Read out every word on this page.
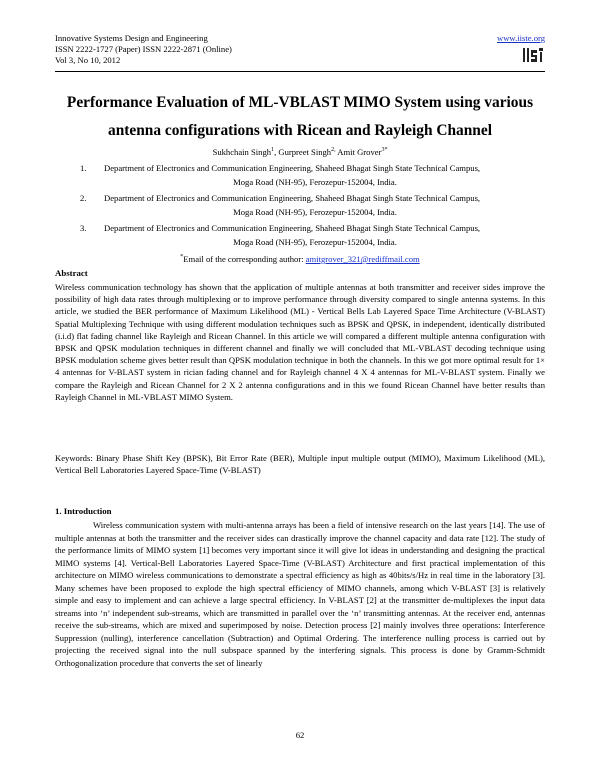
Innovative Systems Design and Engineering
ISSN 2222-1727 (Paper) ISSN 2222-2871 (Online)
Vol 3, No 10, 2012
www.iiste.org
Performance Evaluation of ML-VBLAST MIMO System using various
antenna configurations with Ricean and Rayleigh Channel
Sukhchain Singh$^1$, Gurpreet Singh$^{2,}$ Amit Grover$^{3*}$
1. Department of Electronics and Communication Engineering, Shaheed Bhagat Singh State Technical Campus,
Moga Road (NH-95), Ferozepur-152004, India.
2. Department of Electronics and Communication Engineering, Shaheed Bhagat Singh State Technical Campus,
Moga Road (NH-95), Ferozepur-152004, India.
3. Department of Electronics and Communication Engineering, Shaheed Bhagat Singh State Technical Campus,
Moga Road (NH-95), Ferozepur-152004, India.
*Email of the corresponding author: amitgrover_321@rediffmail.com
Abstract

Wireless communication technology has shown that the application of multiple antennas at both transmitter and receiver sides improve the possibility of high data rates through multiplexing or to improve performance through diversity compared to single antenna systems. In this article, we studied the BER performance of Maximum Likelihood (ML) - Vertical Bells Lab Layered Space Time Architecture (V-BLAST) Spatial Multiplexing Technique with using different modulation techniques such as BPSK and QPSK, in independent, identically distributed (i.i.d) flat fading channel like Rayleigh and Ricean Channel. In this article we will compared a different multiple antenna configuration with BPSK and QPSK modulation techniques in different channel and finally we will concluded that ML-VBLAST decoding technique using BPSK modulation scheme gives better result than QPSK modulation technique in both the channels. In this we got more optimal result for 1× 4 antennas for V-BLAST system in rician fading channel and for Rayleigh channel 4 X 4 antennas for ML-V-BLAST system. Finally we compare the Rayleigh and Ricean Channel for 2 X 2 antenna configurations and in this we found Ricean Channel have better results than Rayleigh Channel in ML-VBLAST MIMO System.

Keywords: Binary Phase Shift Key (BPSK), Bit Error Rate (BER), Multiple input multiple output (MIMO), Maximum Likelihood (ML), Vertical Bell Laboratories Layered Space-Time (V-BLAST)

1. Introduction

Wireless communication system with multi-antenna arrays has been a field of intensive research on the last years [14]. The use of multiple antennas at both the transmitter and the receiver sides can drastically improve the channel capacity and data rate [12]. The study of the performance limits of MIMO system [1] becomes very important since it will give lot ideas in understanding and designing the practical MIMO systems [4]. Vertical-Bell Laboratories Layered Space-Time (V-BLAST) Architecture and first practical implementation of this architecture on MIMO wireless communications to demonstrate a spectral efficiency as high as 40bits/s/Hz in real time in the laboratory [3]. Many schemes have been proposed to explode the high spectral efficiency of MIMO channels, among which V-BLAST [3] is relatively simple and easy to implement and can achieve a large spectral efficiency. In V-BLAST [2] at the transmitter de-multiplexes the input data streams into ‘n’ independent sub-streams, which are transmitted in parallel over the ‘n’ transmitting antennas. At the receiver end, antennas receive the sub-streams, which are mixed and superimposed by noise. Detection process [2] mainly involves three operations: Interference Suppression (nulling), interference cancellation (Subtraction) and Optimal Ordering. The interference nulling process is carried out by projecting the received signal into the null subspace spanned by the interfering signals. This process is done by Gramm-Schmidt Orthogonalization procedure that converts the set of linearly

62
